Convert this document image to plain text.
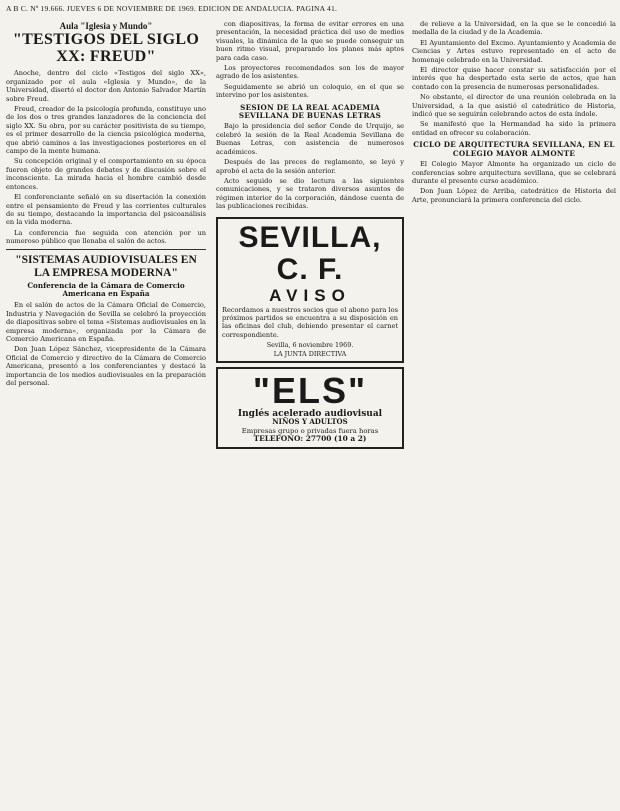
A B C. Nº 19.666. JUEVES 6 DE NOVIEMBRE DE 1969. EDICION DE ANDALUCIA. PAGINA 41.
Aula "Iglesia y Mundo"
"TESTIGOS DEL SIGLO XX: FREUD"

Anoche, dentro del ciclo «Testigos del siglo XX», organizado por el aula «Iglesia y Mundo», de la Universidad, disertó el doctor don Antonio Salvador Martín sobre Freud.

Freud, creador de la psicología profunda, constituye uno de los dos o tres grandes lanzadores de la conciencia del siglo XX. Su obra, por su carácter positivista de su tiempo, es el primer desarrollo de la ciencia psicológica moderna, que abrió caminos a las investigaciones posteriores en el campo de la mente humana.

Su concepción original y el comportamiento en su época fueron objeto de grandes debates y de discusión sobre el inconsciente. La mirada hacia el hombre cambió desde entonces.

El conferenciante señaló en su disertación la conexión entre el pensamiento de Freud y las corrientes culturales de su tiempo, destacando la importancia del psicoanálisis en la vida moderna.

La conferencia fue seguida con atención por un numeroso público que llenaba el salón de actos.

"SISTEMAS AUDIOVISUALES EN LA EMPRESA MODERNA"
Conferencia de la Cámara de Comercio Americana en España

En el salón de actos de la Cámara Oficial de Comercio, Industria y Navegación de Sevilla se celebró la proyección de diapositivas sobre el tema «Sistemas audiovisuales en la empresa moderna», organizada por la Cámara de Comercio Americana en España.

Don Juan López Sánchez, vicepresidente de la Cámara Oficial de Comercio y directivo de la Cámara de Comercio Americana, presentó a los conferenciantes y destacó la importancia de los medios audiovisuales en la preparación del personal.

con diapositivas, la forma de evitar errores en una presentación, la necesidad práctica del uso de medios visuales, la dinámica de la que se puede conseguir un buen ritmo visual, preparando los planes más aptos para cada caso.

Los proyectores recomendados son los de mayor agrado de los asistentes.

Seguidamente se abrió un coloquio, en el que se intervino por los asistentes.

SESION DE LA REAL ACADEMIA SEVILLANA DE BUENAS LETRAS

Bajo la presidencia del señor Conde de Urquijo, se celebró la sesión de la Real Academia Sevillana de Buenas Letras, con asistencia de numerosos académicos.

Después de las preces de reglamento, se leyó y aprobó el acta de la sesión anterior.

Acto seguido se dio lectura a las siguientes comunicaciones, y se trataron diversos asuntos de régimen interior de la corporación, dándose cuenta de las publicaciones recibidas.

SEVILLA, C. F.
AVISO

Recordamos a nuestros socios que el abono para los próximos partidos se encuentra a su disposición en las oficinas del club, debiendo presentar el carnet correspondiente.

Sevilla, 6 noviembre 1969.
LA JUNTA DIRECTIVA
"ELS"
Inglés acelerado audiovisual
NIÑOS Y ADULTOS
Empresas grupo o privadas fuera horas
TELEFONO: 27700 (10 a 2)

de relieve a la Universidad, en la que se le concedió la medalla de la ciudad y de la Academia.

El Ayuntamiento del Excmo. Ayuntamiento y Academia de Ciencias y Artes estuvo representado en el acto de homenaje celebrado en la Universidad.

El director quiso hacer constar su satisfacción por el interés que ha despertado esta serie de actos, que han contado con la presencia de numerosas personalidades.

No obstante, el director de una reunión celebrada en la Universidad, a la que asistió el catedrático de Historia, indicó que se seguirán celebrando actos de esta índole.

Se manifestó que la Hermandad ha sido la primera entidad en ofrecer su colaboración.

CICLO DE ARQUITECTURA SEVILLANA, EN EL COLEGIO MAYOR ALMONTE

El Colegio Mayor Almonte ha organizado un ciclo de conferencias sobre arquitectura sevillana, que se celebrará durante el presente curso académico.

Don Juan López de Arriba, catedrático de Historia del Arte, pronunciará la primera conferencia del ciclo.
